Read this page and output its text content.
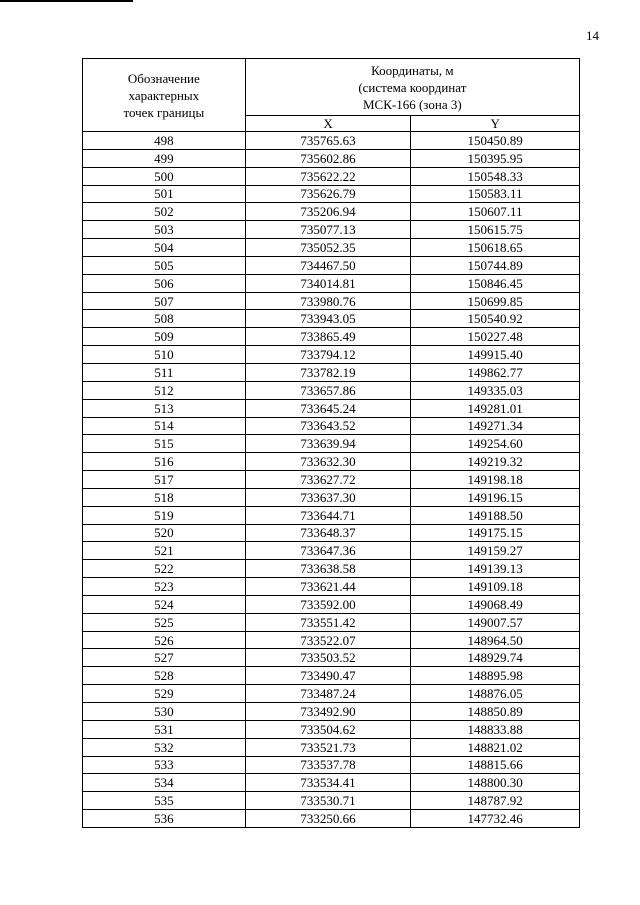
14
Обозначение
характерных
точек границы	Координаты, м
(система координат
МСК-166 (зона 3)	
	X	Y
498	735765.63	150450.89
499	735602.86	150395.95
500	735622.22	150548.33
501	735626.79	150583.11
502	735206.94	150607.11
503	735077.13	150615.75
504	735052.35	150618.65
505	734467.50	150744.89
506	734014.81	150846.45
507	733980.76	150699.85
508	733943.05	150540.92
509	733865.49	150227.48
510	733794.12	149915.40
511	733782.19	149862.77
512	733657.86	149335.03
513	733645.24	149281.01
514	733643.52	149271.34
515	733639.94	149254.60
516	733632.30	149219.32
517	733627.72	149198.18
518	733637.30	149196.15
519	733644.71	149188.50
520	733648.37	149175.15
521	733647.36	149159.27
522	733638.58	149139.13
523	733621.44	149109.18
524	733592.00	149068.49
525	733551.42	149007.57
526	733522.07	148964.50
527	733503.52	148929.74
528	733490.47	148895.98
529	733487.24	148876.05
530	733492.90	148850.89
531	733504.62	148833.88
532	733521.73	148821.02
533	733537.78	148815.66
534	733534.41	148800.30
535	733530.71	148787.92
536	733250.66	147732.46
